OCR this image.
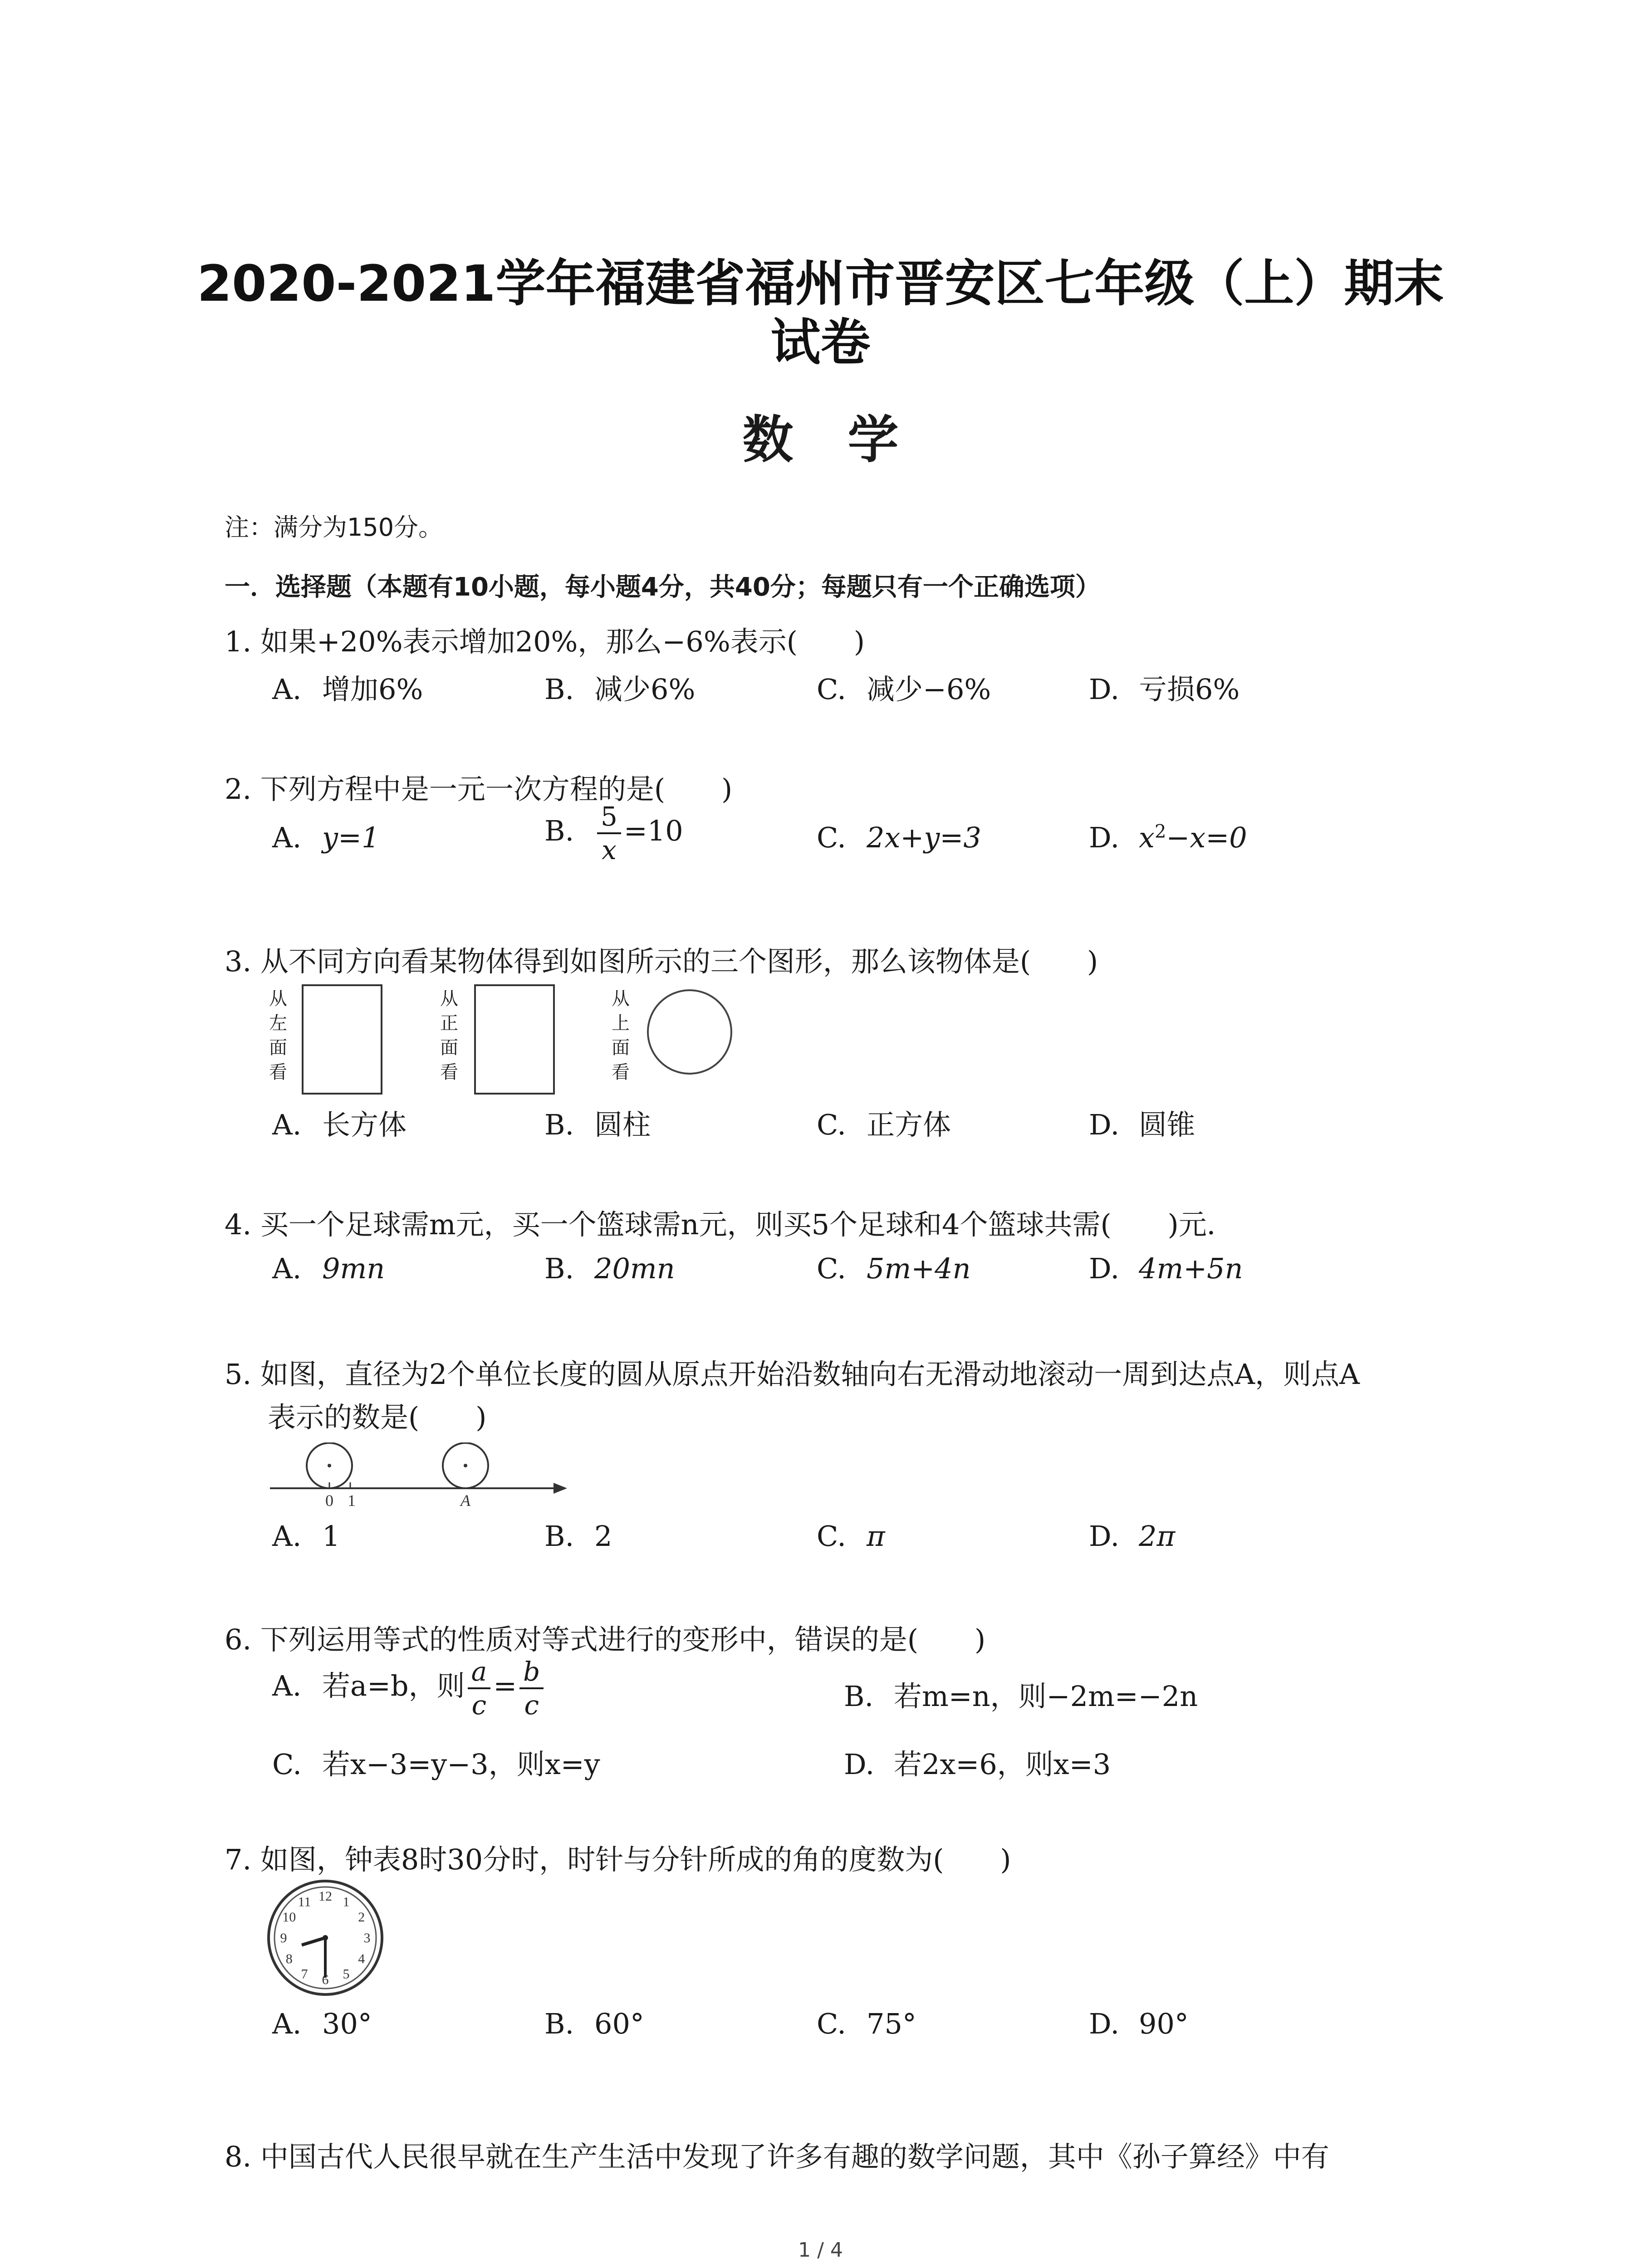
2020-2021学年福建省福州市晋安区七年级（上）期末
试卷
数学
注：满分为150分。
一．选择题（本题有10小题，每小题4分，共40分；每题只有一个正确选项）
1. 如果+20%表示增加20%，那么−6%表示(　　)
A. 增加6%	B. 减少6%	C. 减少−6%	D. 亏损6%
2. 下列方程中是一元一次方程的是(　　)
A. y=1	B. $\frac{5}{x} =10$	C. 2x+y=3	D. $x^2-x=0$
3. 从不同方向看某物体得到如图所示的三个图形，那么该物体是(　　)
从左面看
从正面看
从上面看
A. 长方体	B. 圆柱	C. 正方体	D. 圆锥
4. 买一个足球需m元，买一个篮球需n元，则买5个足球和4个篮球共需(　　)元．
A. 9mn	B. 20mn	C. 5m+4n	D. 4m+5n
5. 如图，直径为2个单位长度的圆从原点开始沿数轴向右无滑动地滚动一周到达点A，则点A
表示的数是(　　)
0 1	A
A. 1	B. 2	C. π	D. 2π
6. 下列运用等式的性质对等式进行的变形中，错误的是(　　)
A. 若a=b，则 $\frac{a}{c} = \frac{b}{c}$	B. 若m=n，则−2m=−2n
C. 若x−3=y−3，则x=y	D. 若2x=6，则x=3
7. 如图，钟表8时30分时，时针与分针所成的角的度数为(　　)
12 1
2
3
4
5
6
7
8
9
10
11
A. 30°	B. 60°	C. 75°	D. 90°
8. 中国古代人民很早就在生产生活中发现了许多有趣的数学问题，其中《孙子算经》中有
1 / 4
